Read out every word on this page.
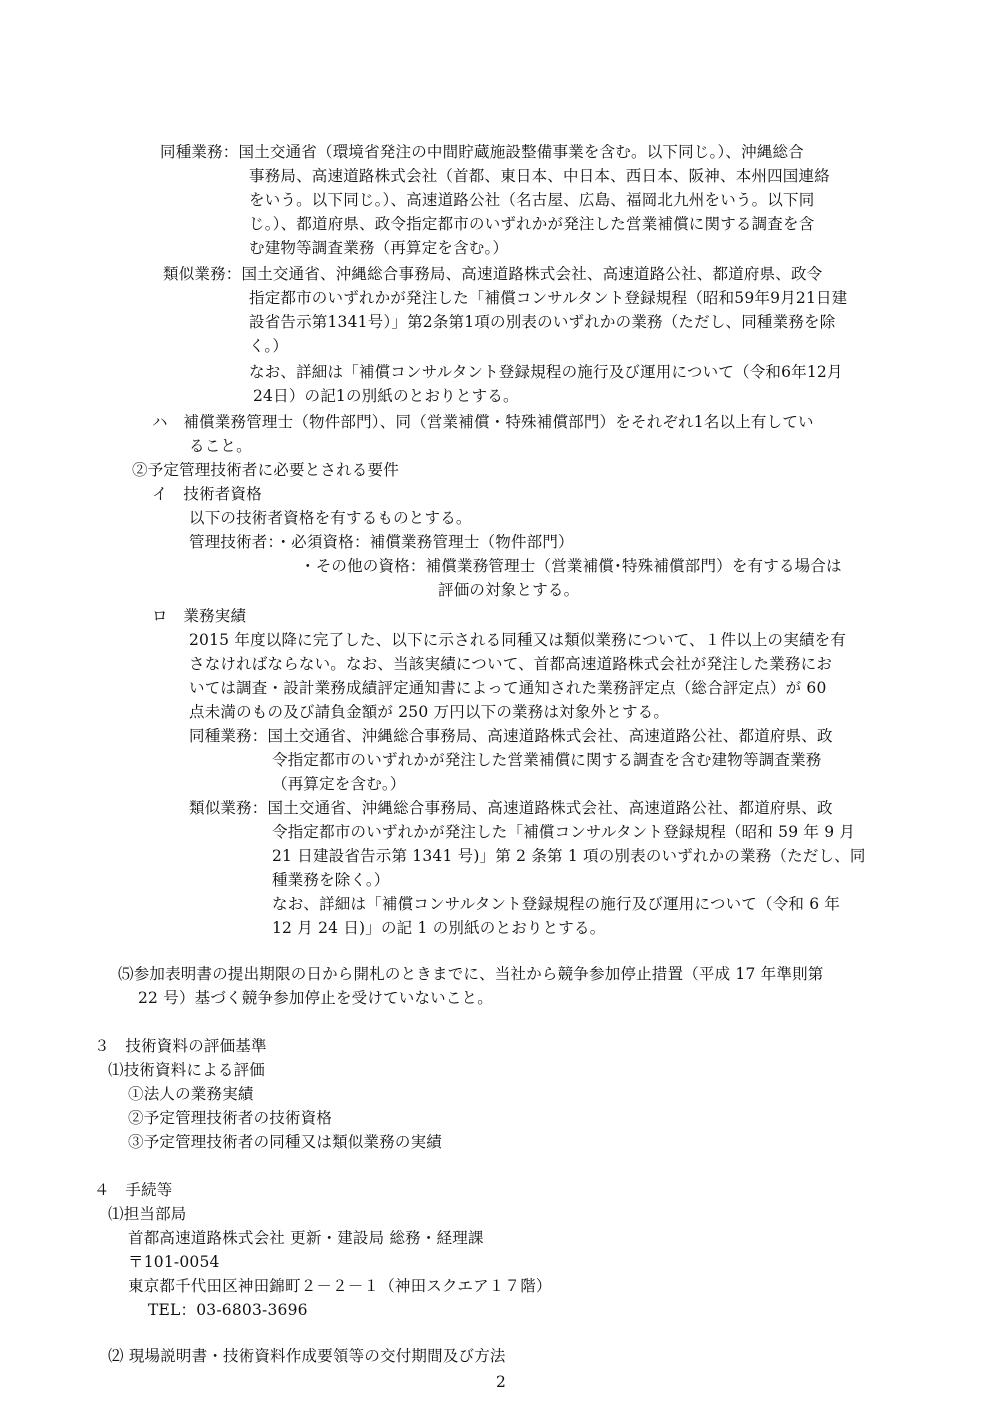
同種業務：国土交通省（環境省発注の中間貯蔵施設整備事業を含む。以下同じ。）、沖縄総合
事務局、高速道路株式会社（首都、東日本、中日本、西日本、阪神、本州四国連絡
をいう。以下同じ。）、高速道路公社（名古屋、広島、福岡北九州をいう。以下同
じ。）、都道府県、政令指定都市のいずれかが発注した営業補償に関する調査を含
む建物等調査業務（再算定を含む。）
類似業務：国土交通省、沖縄総合事務局、高速道路株式会社、高速道路公社、都道府県、政令
指定都市のいずれかが発注した「補償コンサルタント登録規程（昭和59年9月21日建
設省告示第1341号）」第2条第1項の別表のいずれかの業務（ただし、同種業務を除
く。）
なお、詳細は「補償コンサルタント登録規程の施行及び運用について（令和6年12月
24日）の記1の別紙のとおりとする。
ハ　補償業務管理士（物件部門）、同（営業補償・特殊補償部門）をそれぞれ1名以上有してい
ること。
②予定管理技術者に必要とされる要件
イ　技術者資格
以下の技術者資格を有するものとする。
管理技術者：・必須資格：補償業務管理士（物件部門）
・その他の資格：補償業務管理士（営業補償･特殊補償部門）を有する場合は
評価の対象とする。
ロ　業務実績
2015 年度以降に完了した、以下に示される同種又は類似業務について、１件以上の実績を有
さなければならない。なお、当該実績について、首都高速道路株式会社が発注した業務にお
いては調査・設計業務成績評定通知書によって通知された業務評定点（総合評定点）が 60
点未満のもの及び請負金額が 250 万円以下の業務は対象外とする。
同種業務：国土交通省、沖縄総合事務局、高速道路株式会社、高速道路公社、都道府県、政
令指定都市のいずれかが発注した営業補償に関する調査を含む建物等調査業務
（再算定を含む｡）
類似業務：国土交通省、沖縄総合事務局、高速道路株式会社、高速道路公社、都道府県、政
令指定都市のいずれかが発注した「補償コンサルタント登録規程（昭和 59 年 9 月
21 日建設省告示第 1341 号)」第 2 条第 1 項の別表のいずれかの業務（ただし、同
種業務を除く。）
なお、詳細は「補償コンサルタント登録規程の施行及び運用について（令和 6 年
12 月 24 日)」の記 1 の別紙のとおりとする。
⑸参加表明書の提出期限の日から開札のときまでに、当社から競争参加停止措置（平成 17 年準則第
22 号）基づく競争参加停止を受けていないこと。
３　技術資料の評価基準
⑴技術資料による評価
①法人の業務実績
②予定管理技術者の技術資格
③予定管理技術者の同種又は類似業務の実績
４　手続等
⑴担当部局
首都高速道路株式会社 更新・建設局 総務・経理課
〒101-0054
東京都千代田区神田錦町２－２－１（神田スクエア１７階）
TEL：03-6803-3696
⑵ 現場説明書・技術資料作成要領等の交付期間及び方法
2
